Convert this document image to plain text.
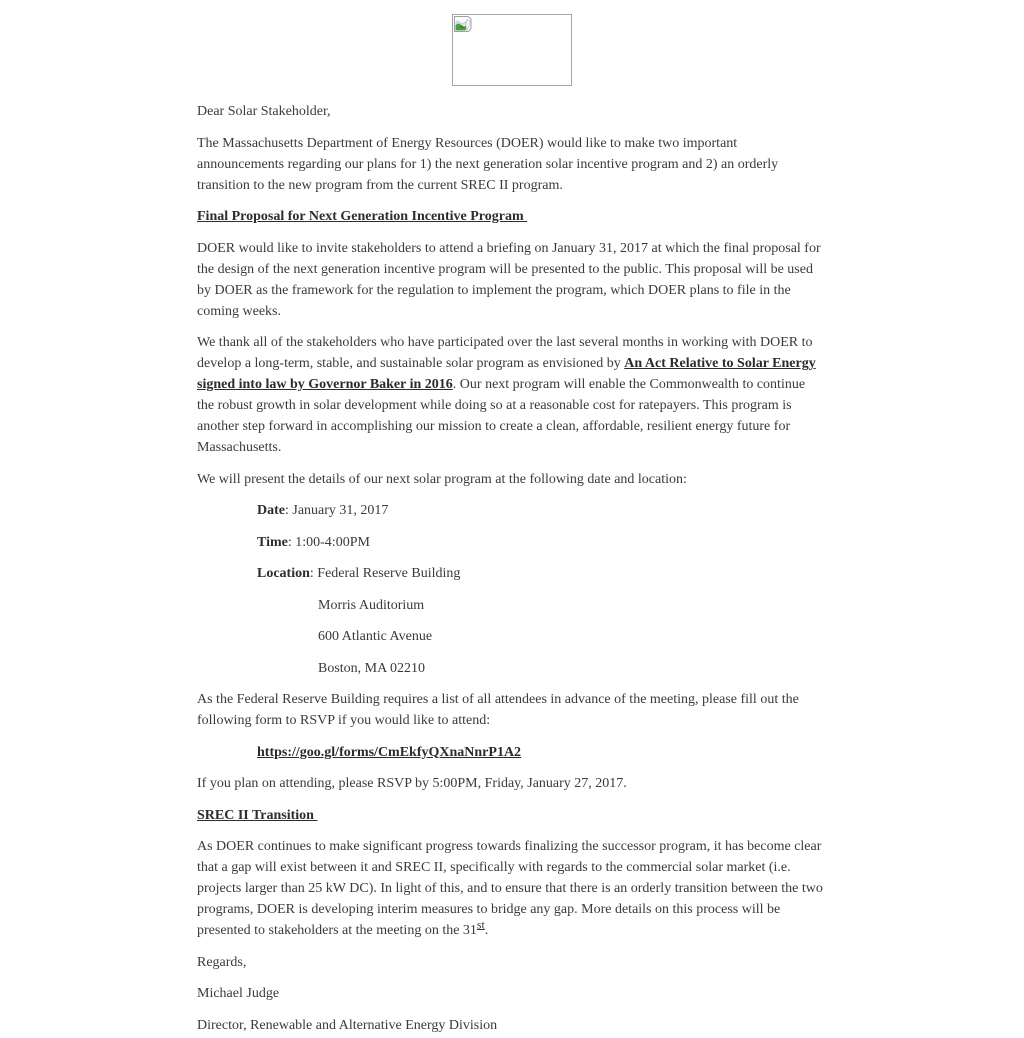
Dear Solar Stakeholder,

The Massachusetts Department of Energy Resources (DOER) would like to make two important announcements regarding our plans for 1) the next generation solar incentive program and 2) an orderly transition to the new program from the current SREC II program.

Final Proposal for Next Generation Incentive Program

DOER would like to invite stakeholders to attend a briefing on January 31, 2017 at which the final proposal for the design of the next generation incentive program will be presented to the public. This proposal will be used by DOER as the framework for the regulation to implement the program, which DOER plans to file in the coming weeks.

We thank all of the stakeholders who have participated over the last several months in working with DOER to develop a long-term, stable, and sustainable solar program as envisioned by An Act Relative to Solar Energy signed into law by Governor Baker in 2016. Our next program will enable the Commonwealth to continue the robust growth in solar development while doing so at a reasonable cost for ratepayers. This program is another step forward in accomplishing our mission to create a clean, affordable, resilient energy future for Massachusetts.

We will present the details of our next solar program at the following date and location:

Date: January 31, 2017

Time: 1:00-4:00PM

Location: Federal Reserve Building

Morris Auditorium

600 Atlantic Avenue

Boston, MA 02210

As the Federal Reserve Building requires a list of all attendees in advance of the meeting, please fill out the following form to RSVP if you would like to attend:

https://goo.gl/forms/CmEkfyQXnaNnrP1A2

If you plan on attending, please RSVP by 5:00PM, Friday, January 27, 2017.

SREC II Transition

As DOER continues to make significant progress towards finalizing the successor program, it has become clear that a gap will exist between it and SREC II, specifically with regards to the commercial solar market (i.e. projects larger than 25 kW DC). In light of this, and to ensure that there is an orderly transition between the two programs, DOER is developing interim measures to bridge any gap. More details on this process will be presented to stakeholders at the meeting on the 31st.

Regards,

Michael Judge

Director, Renewable and Alternative Energy Division
